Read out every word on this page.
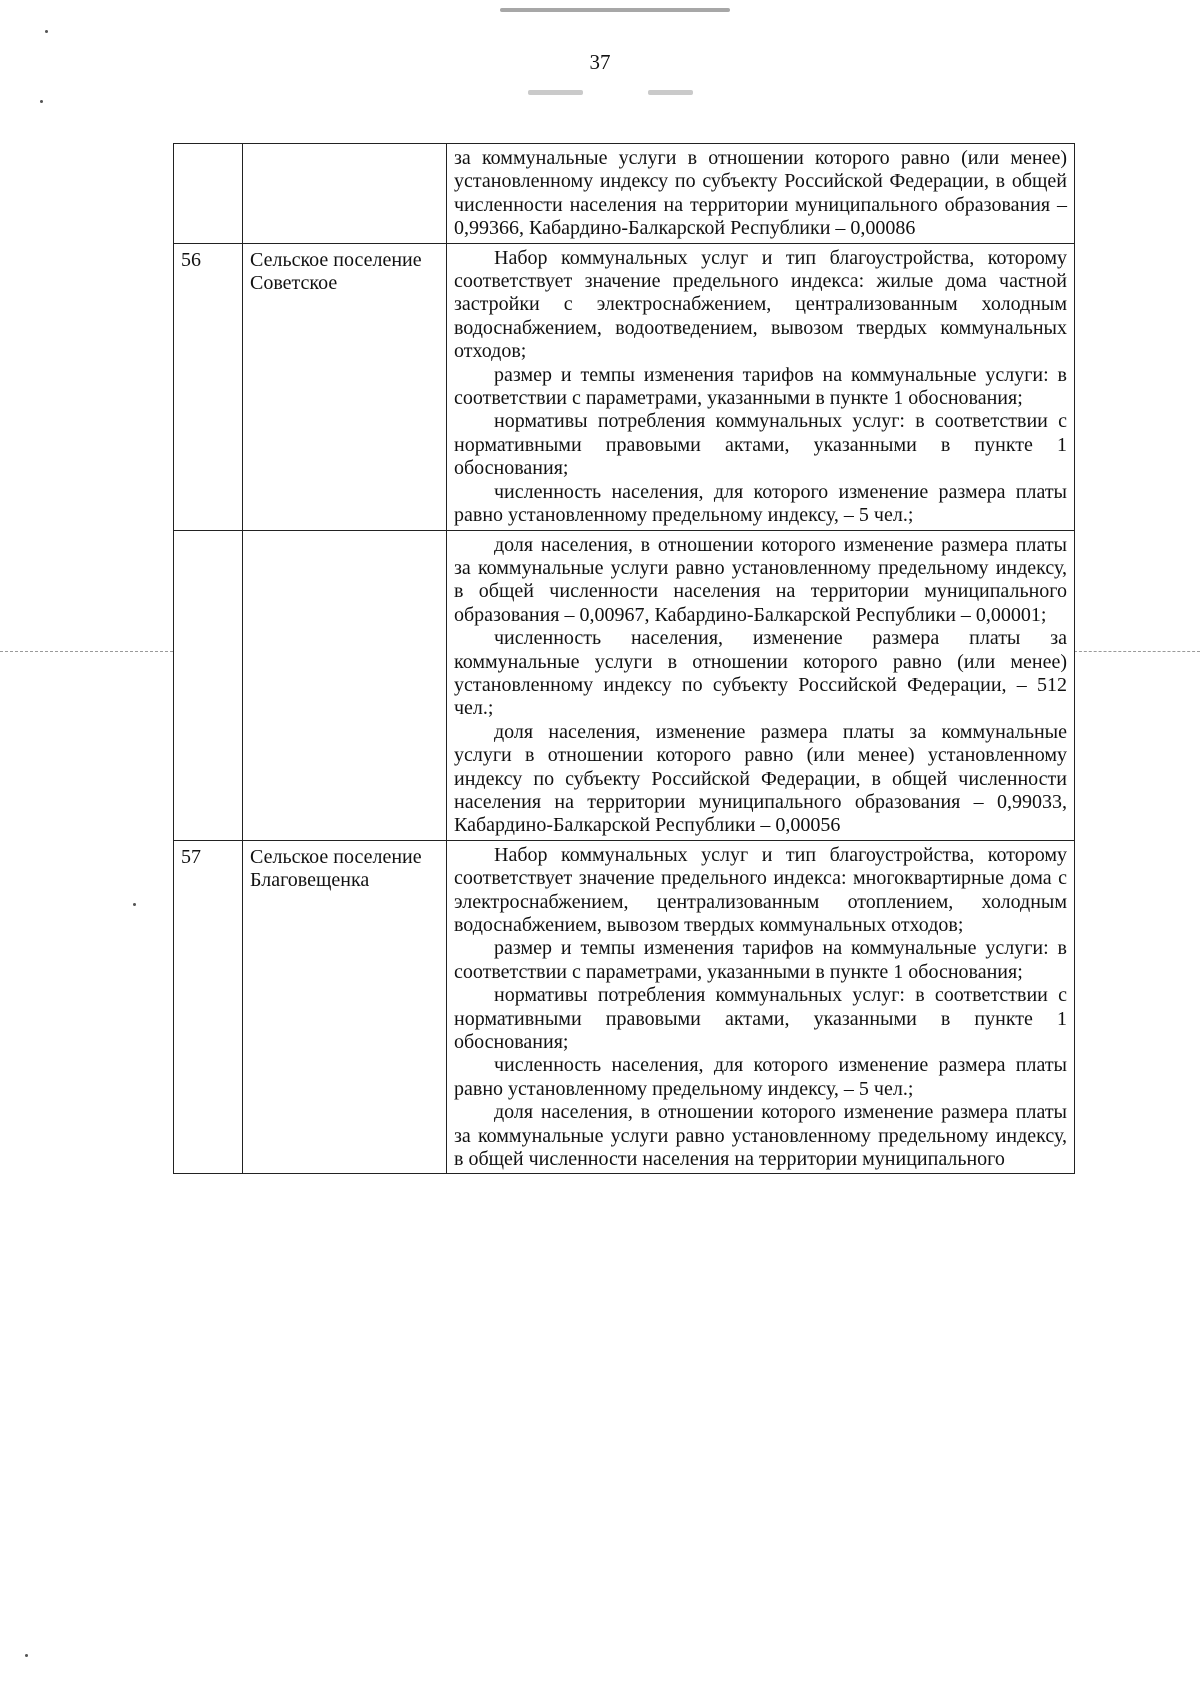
37

		за коммунальные услуги в отношении которого равно (или менее) установленному индексу по субъекту Российской Федерации, в общей численности населения на территории муниципального образования – 0,99366, Кабардино-Балкарской Республики – 0,00086

56	Сельское поселение Советское	Набор коммунальных услуг и тип благоустройства, которому соответствует значение предельного индекса: жилые дома частной застройки с электроснабжением, централизованным холодным водоснабжением, водоотведением, вывозом твердых коммунальных отходов;
размер и темпы изменения тарифов на коммунальные услуги: в соответствии с параметрами, указанными в пункте 1 обоснования;
нормативы потребления коммунальных услуг: в соответствии с нормативными правовыми актами, указанными в пункте 1 обоснования;
численность населения, для которого изменение размера платы равно установленному предельному индексу, – 5 чел.;

		доля населения, в отношении которого изменение размера платы за коммунальные услуги равно установленному предельному индексу, в общей численности населения на территории муниципального образования – 0,00967, Кабардино-Балкарской Республики – 0,00001;
численность населения, изменение размера платы за коммунальные услуги в отношении которого равно (или менее) установленному индексу по субъекту Российской Федерации, – 512 чел.;
доля населения, изменение размера платы за коммунальные услуги в отношении которого равно (или менее) установленному индексу по субъекту Российской Федерации, в общей численности населения на территории муниципального образования – 0,99033, Кабардино-Балкарской Республики – 0,00056

57	Сельское поселение Благовещенка	Набор коммунальных услуг и тип благоустройства, которому соответствует значение предельного индекса: многоквартирные дома с электроснабжением, централизованным отоплением, холодным водоснабжением, вывозом твердых коммунальных отходов;
размер и темпы изменения тарифов на коммунальные услуги: в соответствии с параметрами, указанными в пункте 1 обоснования;
нормативы потребления коммунальных услуг: в соответствии с нормативными правовыми актами, указанными в пункте 1 обоснования;
численность населения, для которого изменение размера платы равно установленному предельному индексу, – 5 чел.;
доля населения, в отношении которого изменение размера платы за коммунальные услуги равно установленному предельному индексу, в общей численности населения на территории муниципального
